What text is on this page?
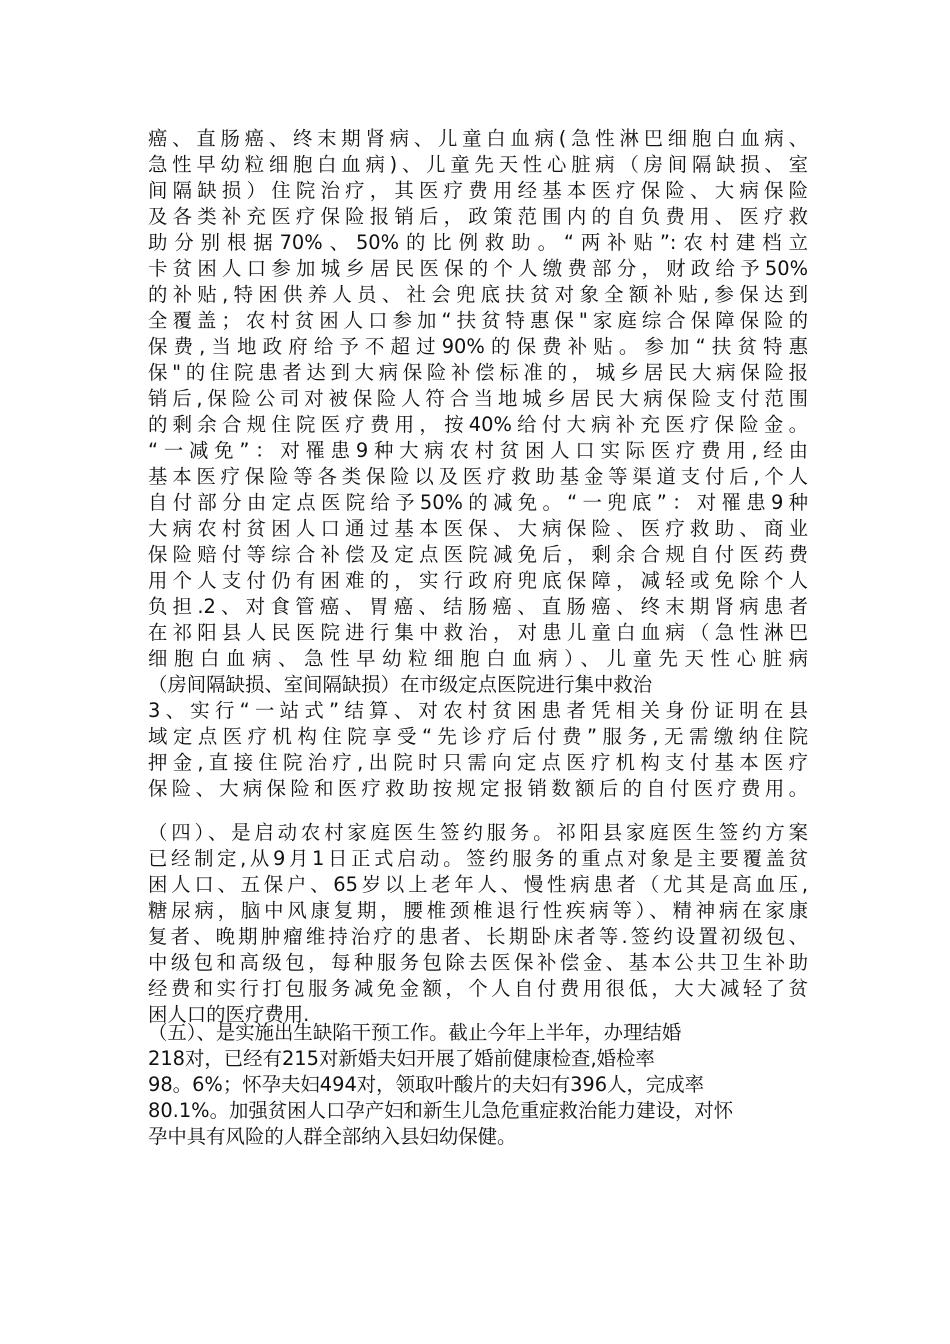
癌、直肠癌、终末期肾病、儿童白血病(急性淋巴细胞白血病、
急性早幼粒细胞白血病)、儿童先天性心脏病（房间隔缺损、室
间隔缺损）住院治疗，其医疗费用经基本医疗保险、大病保险
及各类补充医疗保险报销后，政策范围内的自负费用、医疗救
助分别根据70%、50%的比例救助。“两补贴”:农村建档立
卡贫困人口参加城乡居民医保的个人缴费部分，财政给予50%
的补贴,特困供养人员、社会兜底扶贫对象全额补贴,参保达到
全覆盖；农村贫困人口参加“扶贫特惠保"家庭综合保障保险的
保费,当地政府给予不超过90%的保费补贴。参加“扶贫特惠
保"的住院患者达到大病保险补偿标准的，城乡居民大病保险报
销后,保险公司对被保险人符合当地城乡居民大病保险支付范围
的剩余合规住院医疗费用，按40%给付大病补充医疗保险金。
“一减免”：对罹患9种大病农村贫困人口实际医疗费用,经由
基本医疗保险等各类保险以及医疗救助基金等渠道支付后,个人
自付部分由定点医院给予50%的减免。“一兜底”：对罹患9种
大病农村贫困人口通过基本医保、大病保险、医疗救助、商业
保险赔付等综合补偿及定点医院减免后，剩余合规自付医药费
用个人支付仍有困难的，实行政府兜底保障，减轻或免除个人
负担.2、对食管癌、胃癌、结肠癌、直肠癌、终末期肾病患者
在祁阳县人民医院进行集中救治，对患儿童白血病（急性淋巴
细胞白血病、急性早幼粒细胞白血病）、儿童先天性心脏病
（房间隔缺损、室间隔缺损）在市级定点医院进行集中救治
3、实行“一站式”结算、对农村贫困患者凭相关身份证明在县
域定点医疗机构住院享受“先诊疗后付费”服务,无需缴纳住院
押金,直接住院治疗,出院时只需向定点医疗机构支付基本医疗
保险、大病保险和医疗救助按规定报销数额后的自付医疗费用。
（四）、是启动农村家庭医生签约服务。祁阳县家庭医生签约方案
已经制定,从9月1日正式启动。签约服务的重点对象是主要覆盖贫
困人口、五保户、65岁以上老年人、慢性病患者（尤其是高血压,
糖尿病，脑中风康复期，腰椎颈椎退行性疾病等）、精神病在家康
复者、晚期肿瘤维持治疗的患者、长期卧床者等.签约设置初级包、
中级包和高级包，每种服务包除去医保补偿金、基本公共卫生补助
经费和实行打包服务减免金额，个人自付费用很低，大大减轻了贫
困人口的医疗费用.
（五）、是实施出生缺陷干预工作。截止今年上半年，办理结婚
218对，已经有215对新婚夫妇开展了婚前健康检查,婚检率
98。6%；怀孕夫妇494对，领取叶酸片的夫妇有396人，完成率
80.1%。加强贫困人口孕产妇和新生儿急危重症救治能力建设，对怀
孕中具有风险的人群全部纳入县妇幼保健。
